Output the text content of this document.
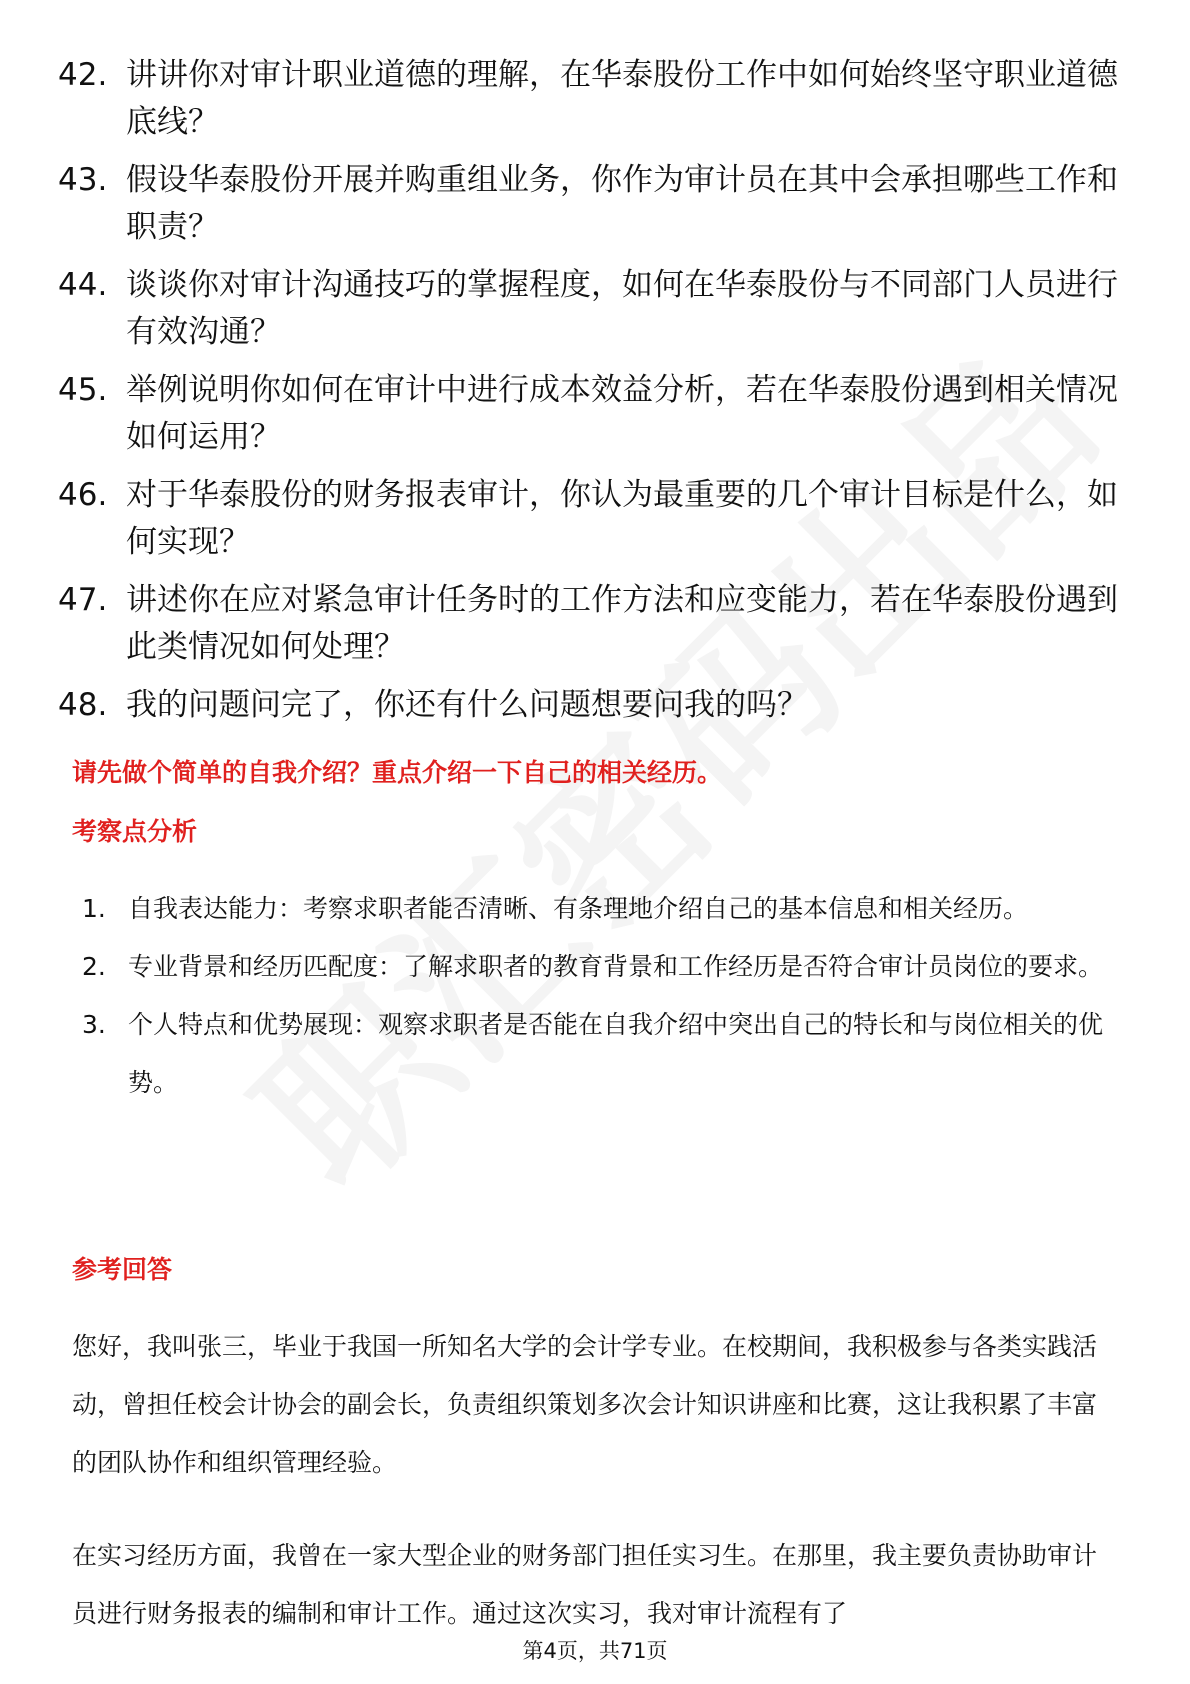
42. 讲讲你对审计职业道德的理解，在华泰股份工作中如何始终坚守职业道德底线？
43. 假设华泰股份开展并购重组业务，你作为审计员在其中会承担哪些工作和职责？
44. 谈谈你对审计沟通技巧的掌握程度，如何在华泰股份与不同部门人员进行有效沟通？
45. 举例说明你如何在审计中进行成本效益分析，若在华泰股份遇到相关情况如何运用？
46. 对于华泰股份的财务报表审计，你认为最重要的几个审计目标是什么，如何实现？
47. 讲述你在应对紧急审计任务时的工作方法和应变能力，若在华泰股份遇到此类情况如何处理？
48. 我的问题问完了，你还有什么问题想要问我的吗？
请先做个简单的自我介绍？重点介绍一下自己的相关经历。
考察点分析
1. 自我表达能力：考察求职者能否清晰、有条理地介绍自己的基本信息和相关经历。
2. 专业背景和经历匹配度：了解求职者的教育背景和工作经历是否符合审计员岗位的要求。
3. 个人特点和优势展现：观察求职者是否能在自我介绍中突出自己的特长和与岗位相关的优势。
参考回答

您好，我叫张三，毕业于我国一所知名大学的会计学专业。在校期间，我积极参与各类实践活动，曾担任校会计协会的副会长，负责组织策划多次会计知识讲座和比赛，这让我积累了丰富的团队协作和组织管理经验。

在实习经历方面，我曾在一家大型企业的财务部门担任实习生。在那里，我主要负责协助审计员进行财务报表的编制和审计工作。通过这次实习，我对审计流程有了

第4页，共71页
